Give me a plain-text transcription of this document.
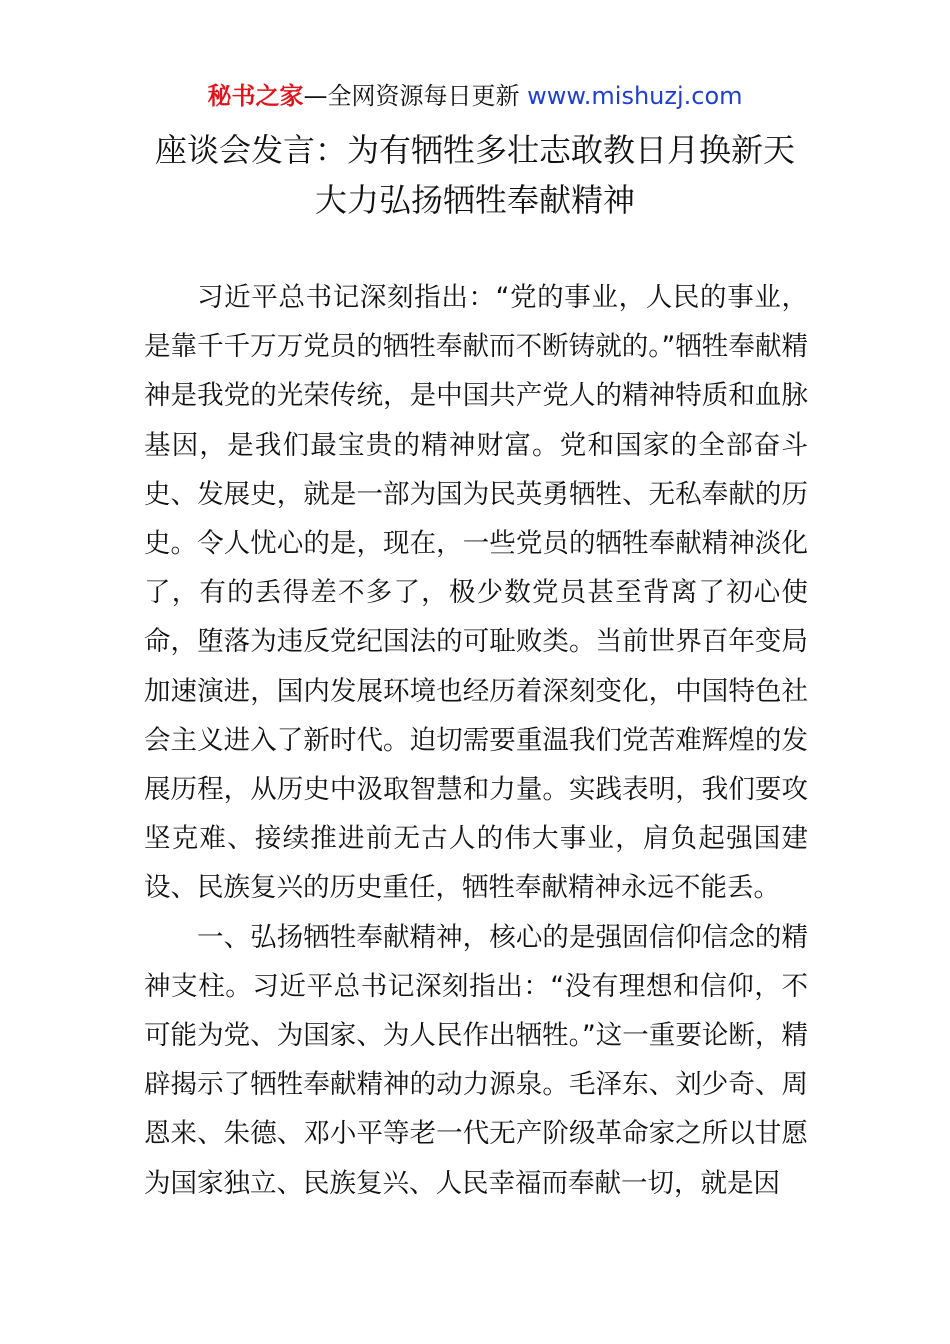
秘书之家—全网资源每日更新 www.mishuzj.com
座谈会发言：为有牺牲多壮志敢教日月换新天
大力弘扬牺牲奉献精神

习近平总书记深刻指出：“党的事业，人民的事业，是靠千千万万党员的牺牲奉献而不断铸就的。”牺牲奉献精神是我党的光荣传统，是中国共产党人的精神特质和血脉基因，是我们最宝贵的精神财富。党和国家的全部奋斗史、发展史，就是一部为国为民英勇牺牲、无私奉献的历史。令人忧心的是，现在，一些党员的牺牲奉献精神淡化了，有的丢得差不多了，极少数党员甚至背离了初心使命，堕落为违反党纪国法的可耻败类。当前世界百年变局加速演进，国内发展环境也经历着深刻变化，中国特色社会主义进入了新时代。迫切需要重温我们党苦难辉煌的发展历程，从历史中汲取智慧和力量。实践表明，我们要攻坚克难、接续推进前无古人的伟大事业，肩负起强国建设、民族复兴的历史重任，牺牲奉献精神永远不能丢。

一、弘扬牺牲奉献精神，核心的是强固信仰信念的精神支柱。习近平总书记深刻指出：“没有理想和信仰，不可能为党、为国家、为人民作出牺牲。”这一重要论断，精辟揭示了牺牲奉献精神的动力源泉。毛泽东、刘少奇、周恩来、朱德、邓小平等老一代无产阶级革命家之所以甘愿为国家独立、民族复兴、人民幸福而奉献一切，就是因
